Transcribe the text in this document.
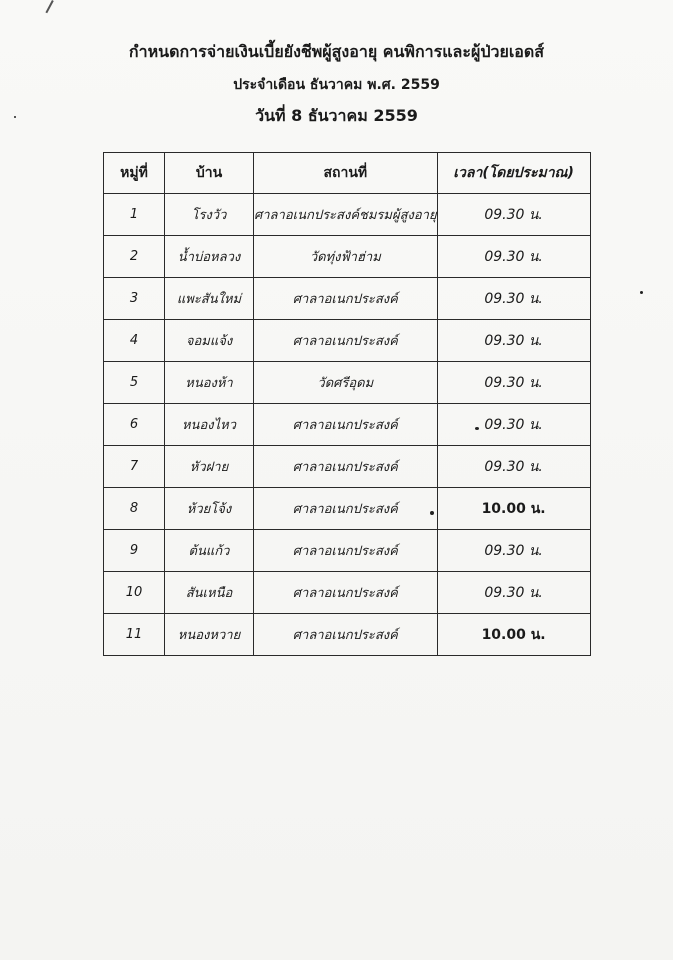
กำหนดการจ่ายเงินเบี้ยยังชีพผู้สูงอายุ คนพิการและผู้ป่วยเอดส์
ประจำเดือน ธันวาคม พ.ศ. 2559
วันที่ 8 ธันวาคม 2559
หมู่ที่	บ้าน	สถานที่	เวลา(โดยประมาณ)
1	โรงวัว	ศาลาอเนกประสงค์ชมรมผู้สูงอายุ	09.30 น.
2	น้ำบ่อหลวง	วัดทุ่งฟ้าฮ่าม	09.30 น.
3	แพะสันใหม่	ศาลาอเนกประสงค์	09.30 น.
4	จอมแจ้ง	ศาลาอเนกประสงค์	09.30 น.
5	หนองห้า	วัดศรีอุดม	09.30 น.
6	หนองไหว	ศาลาอเนกประสงค์	09.30 น.
7	หัวฝาย	ศาลาอเนกประสงค์	09.30 น.
8	ห้วยโจ้ง	ศาลาอเนกประสงค์	10.00 น.
9	ต้นแก้ว	ศาลาอเนกประสงค์	09.30 น.
10	สันเหนือ	ศาลาอเนกประสงค์	09.30 น.
11	หนองหวาย	ศาลาอเนกประสงค์	10.00 น.
